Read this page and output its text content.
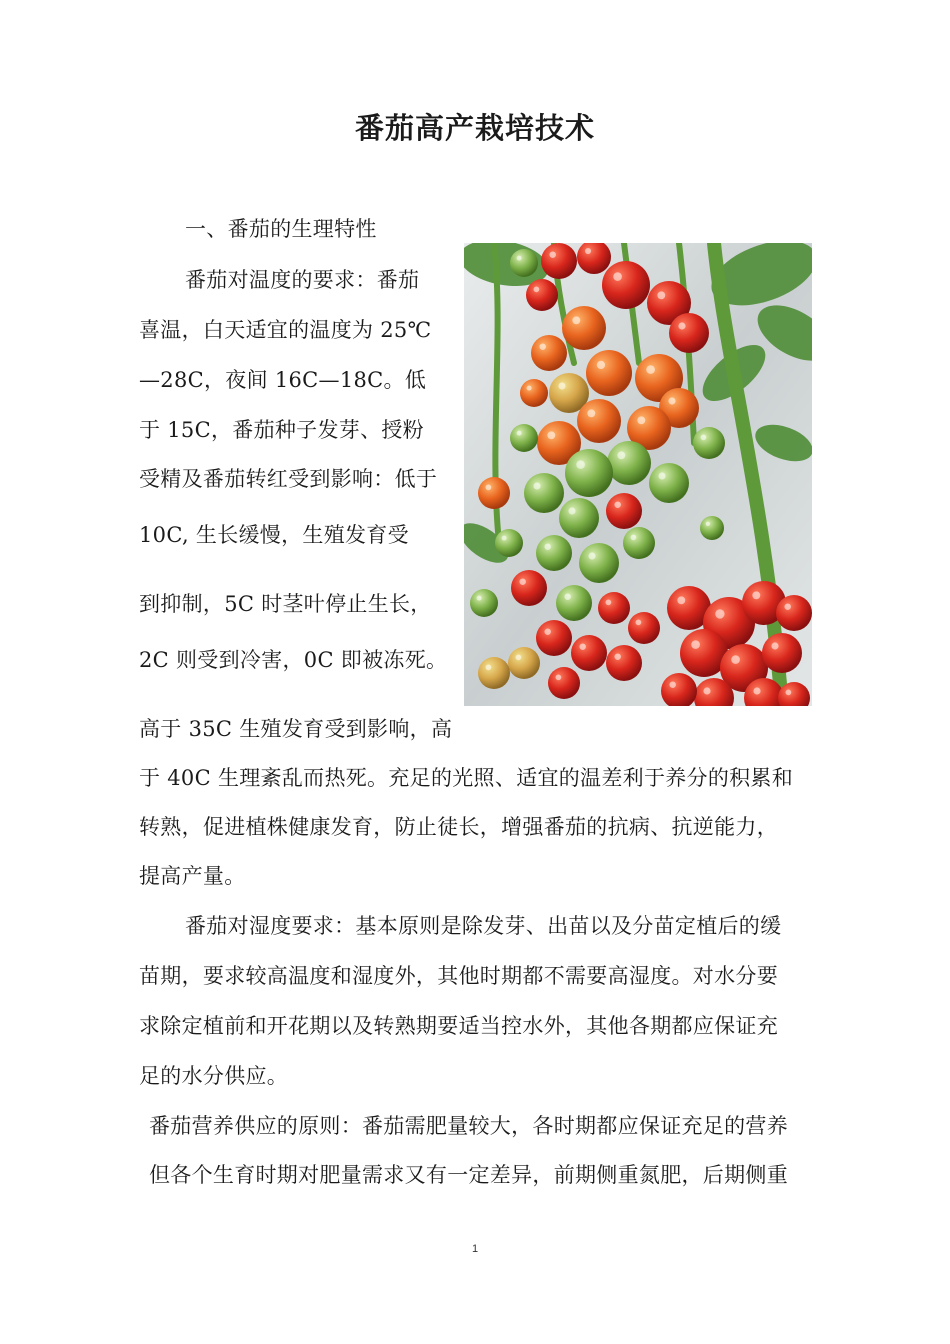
番茄高产栽培技术

一、番茄的生理特性

番茄对温度的要求：番茄

喜温，白天适宜的温度为 25℃

—28C，夜间 16C—18C。低

于 15C，番茄种子发芽、授粉

受精及番茄转红受到影响：低于

10C, 生长缓慢，生殖发育受

到抑制，5C 时茎叶停止生长，

2C 则受到冷害，0C 即被冻死。

高于 35C 生殖发育受到影响，高

于 40C 生理紊乱而热死。充足的光照、适宜的温差利于养分的积累和

转熟，促进植株健康发育，防止徒长，增强番茄的抗病、抗逆能力，

提高产量。

番茄对湿度要求：基本原则是除发芽、出苗以及分苗定植后的缓

苗期，要求较高温度和湿度外，其他时期都不需要高湿度。对水分要

求除定植前和开花期以及转熟期要适当控水外，其他各期都应保证充

足的水分供应。

番茄营养供应的原则：番茄需肥量较大，各时期都应保证充足的营养

但各个生育时期对肥量需求又有一定差异，前期侧重氮肥，后期侧重

1
